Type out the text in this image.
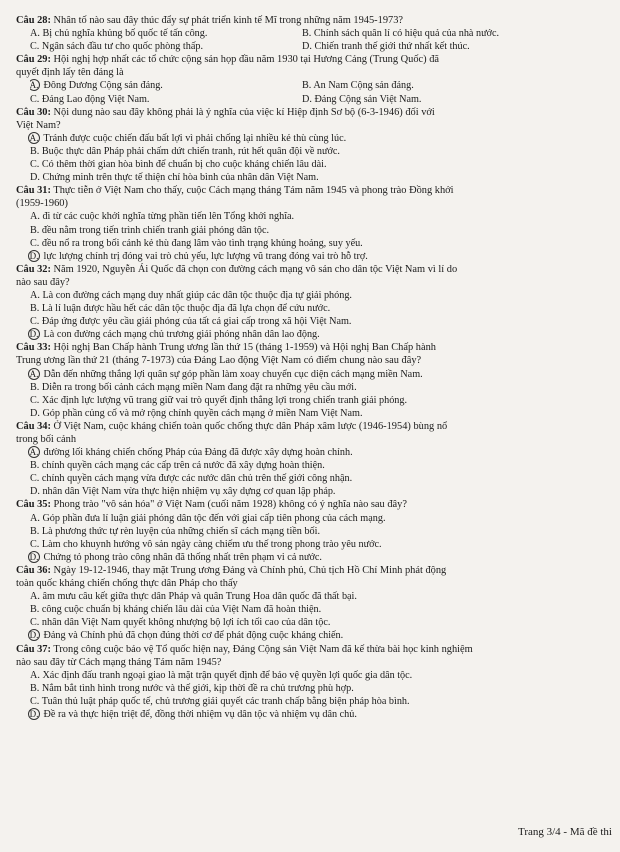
Câu 28: Nhân tố nào sau đây thúc đẩy sự phát triển kinh tế Mĩ trong những năm 1945-1973?
A. Bị chủ nghĩa khủng bố quốc tế tấn công.	B. Chính sách quân lí có hiệu quả của nhà nước.
C. Ngân sách đầu tư cho quốc phòng thấp.	D. Chiến tranh thế giới thứ nhất kết thúc.
Câu 29: Hội nghị hợp nhất các tổ chức cộng sản họp đầu năm 1930 tại Hương Cảng (Trung Quốc) đã
quyết định lấy tên đảng là
A. Đông Dương Cộng sản đảng.	B. An Nam Cộng sản đảng.
C. Đảng Lao động Việt Nam.	D. Đảng Cộng sản Việt Nam.
Câu 30: Nội dung nào sau đây không phải là ý nghĩa của việc kí Hiệp định Sơ bộ (6-3-1946) đối với
Việt Nam?
A. Tránh được cuộc chiến đấu bất lợi vì phải chống lại nhiều kẻ thù cùng lúc.
B. Buộc thực dân Pháp phải chấm dứt chiến tranh, rút hết quân đội về nước.
C. Có thêm thời gian hòa bình để chuẩn bị cho cuộc kháng chiến lâu dài.
D. Chứng minh trên thực tế thiện chí hòa bình của nhân dân Việt Nam.
Câu 31: Thực tiễn ở Việt Nam cho thấy, cuộc Cách mạng tháng Tám năm 1945 và phong trào Đồng khởi
(1959-1960)
A. đi từ các cuộc khởi nghĩa từng phần tiến lên Tổng khởi nghĩa.
B. đều nằm trong tiến trình chiến tranh giải phóng dân tộc.
C. đều nổ ra trong bối cảnh kẻ thù đang lâm vào tình trạng khủng hoảng, suy yếu.
D. lực lượng chính trị đóng vai trò chủ yếu, lực lượng vũ trang đóng vai trò hỗ trợ.
Câu 32: Năm 1920, Nguyễn Ái Quốc đã chọn con đường cách mạng vô sản cho dân tộc Việt Nam vì lí do
nào sau đây?
A. Là con đường cách mạng duy nhất giúp các dân tộc thuộc địa tự giải phóng.
B. Là lí luận được hầu hết các dân tộc thuộc địa đã lựa chọn để cứu nước.
C. Đáp ứng được yêu cầu giải phóng của tất cả giai cấp trong xã hội Việt Nam.
D. Là con đường cách mạng chủ trương giải phóng nhân dân lao động.
Câu 33: Hội nghị Ban Chấp hành Trung ương lần thứ 15 (tháng 1-1959) và Hội nghị Ban Chấp hành
Trung ương lần thứ 21 (tháng 7-1973) của Đảng Lao động Việt Nam có điểm chung nào sau đây?
A. Dẫn đến những thắng lợi quân sự góp phần làm xoay chuyển cục diện cách mạng miền Nam.
B. Diễn ra trong bối cảnh cách mạng miền Nam đang đặt ra những yêu cầu mới.
C. Xác định lực lượng vũ trang giữ vai trò quyết định thắng lợi trong chiến tranh giải phóng.
D. Góp phần củng cố và mở rộng chính quyền cách mạng ở miền Nam Việt Nam.
Câu 34: Ở Việt Nam, cuộc kháng chiến toàn quốc chống thực dân Pháp xâm lược (1946-1954) bùng nổ
trong bối cảnh
A. đường lối kháng chiến chống Pháp của Đảng đã được xây dựng hoàn chỉnh.
B. chính quyền cách mạng các cấp trên cả nước đã xây dựng hoàn thiện.
C. chính quyền cách mạng vừa được các nước dân chủ trên thế giới công nhận.
D. nhân dân Việt Nam vừa thực hiện nhiệm vụ xây dựng cơ quan lập pháp.
Câu 35: Phong trào "vô sản hóa" ở Việt Nam (cuối năm 1928) không có ý nghĩa nào sau đây?
A. Góp phần đưa lí luận giải phóng dân tộc đến với giai cấp tiên phong của cách mạng.
B. Là phương thức tự rèn luyện của những chiến sĩ cách mạng tiền bối.
C. Làm cho khuynh hướng vô sản ngày càng chiếm ưu thế trong phong trào yêu nước.
D. Chứng tỏ phong trào công nhân đã thống nhất trên phạm vi cả nước.
Câu 36: Ngày 19-12-1946, thay mặt Trung ương Đảng và Chính phủ, Chủ tịch Hồ Chí Minh phát động
toàn quốc kháng chiến chống thực dân Pháp cho thấy
A. âm mưu câu kết giữa thực dân Pháp và quân Trung Hoa dân quốc đã thất bại.
B. công cuộc chuẩn bị kháng chiến lâu dài của Việt Nam đã hoàn thiện.
C. nhân dân Việt Nam quyết không nhượng bộ lợi ích tối cao của dân tộc.
D. Đảng và Chính phủ đã chọn đúng thời cơ để phát động cuộc kháng chiến.
Câu 37: Trong công cuộc bảo vệ Tổ quốc hiện nay, Đảng Cộng sản Việt Nam đã kế thừa bài học kinh nghiệm
nào sau đây từ Cách mạng tháng Tám năm 1945?
A. Xác định đấu tranh ngoại giao là mặt trận quyết định để bảo vệ quyền lợi quốc gia dân tộc.
B. Nắm bắt tình hình trong nước và thế giới, kịp thời đề ra chủ trương phù hợp.
C. Tuân thủ luật pháp quốc tế, chủ trương giải quyết các tranh chấp bằng biện pháp hòa bình.
D. Đề ra và thực hiện triệt để, đồng thời nhiệm vụ dân tộc và nhiệm vụ dân chủ.
Trang 3/4 - Mã đề thi
